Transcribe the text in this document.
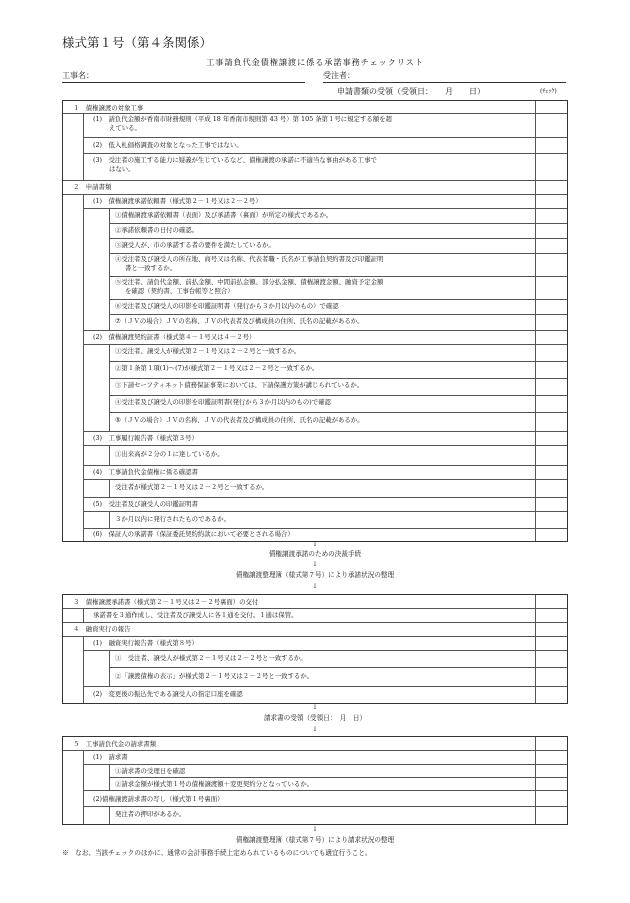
様式第１号（第４条関係）
工事請負代金債権譲渡に係る承諾事務チェックリスト
工事名：	受注者：
申請書類の受領（受領日：　　月　　日）	(ﾁｪｯｸ)
１　債権譲渡の対象工事
(1)　請負代金額が香南市財務規則（平成 18 年香南市規則第 43 号）第 105 条第１号に規定する額を超
えている。
(2)　低入札価格調査の対象となった工事ではない。
(3)　受注者の施工する能力に疑義が生じているなど、債権譲渡の承諾に不適当な事由がある工事で
はない。
２　申請書類
(1)　債権譲渡承諾依頼書（様式第２－１号又は２－２号）
①債権譲渡承諾依頼書（表面）及び承諾書（裏面）が所定の様式であるか。
②承諾依頼書の日付の確認。
③譲受人が、市の承諾する者の要件を満たしているか。
④受注者及び譲受人の所在地、商号又は名称、代表者職・氏名が工事請負契約書及び印鑑証明
書と一致するか。
⑤受注者、請負代金額、前払金額、中間前払金額、部分払金額、債権譲渡金額、融資予定金額
を確認（契約書、工事台帳等と照合）
⑥受注者及び譲受人の印影を印鑑証明書（発行から３か月以内のもの）で確認
⑦（ＪＶの場合）ＪＶの名称、ＪＶの代表者及び構成員の住所、氏名の記載があるか。
(2)　債権譲渡契約証書（様式第４－１号又は４－２号）
①受注者、譲受人が様式第２－１号又は２－２号と一致するか。
②第１条第１項(1)～(7)が様式第２－１号又は２－２号と一致するか。
③下請セーフティネット債務保証事業においては、下請保護方策が講じられているか。
④受注者及び譲受人の印影を印鑑証明書(発行から３か月以内のもの)で確認
⑤（ＪＶの場合）ＪＶの名称、ＪＶの代表者及び構成員の住所、氏名の記載があるか。
(3)　工事履行報告書（様式第３号）
①出来高が２分の１に達しているか。
(4)　工事請負代金債権に係る確認書
受注者が様式第２－１号又は２－２号と一致するか。
(5)　受注者及び譲受人の印鑑証明書
３か月以内に発行されたものであるか。
(6)　保証人の承諾書（保証委託契約約款において必要とされる場合）
↓
債権譲渡承諾のための決裁手続
↓
債権譲渡整理簿（様式第７号）により承諾状況の整理
↓
３　債権譲渡承諾書（様式第２－１号又は２－２号裏面）の交付
承諾書を３通作成し、受注者及び譲受人に各１通を交付。１通は保管。
４　融資実行の報告
(1)　融資実行報告書（様式第８号）
①　受注者、譲受人が様式第２－１号又は２－２号と一致するか。
②「譲渡債権の表示」が様式第２－１号又は２－２号と一致するか。
(2)　変更後の振込先である譲受人の指定口座を確認
↓
請求書の受領（受領日：　月　日）
↓
５　工事請負代金の請求書類
(1)　請求書
①請求書の受理日を確認
②請求金額が様式第１号の債権譲渡額＋変更契約分となっているか。
(2)債権譲渡請求書の写し（様式第１号裏面）
発注者の押印があるか。
↓
債権譲渡整理簿（様式第７号）により請求状況の整理
※　なお、当該チェックのほかに、通常の会計事務手続上定められているものについても適宜行うこと。
